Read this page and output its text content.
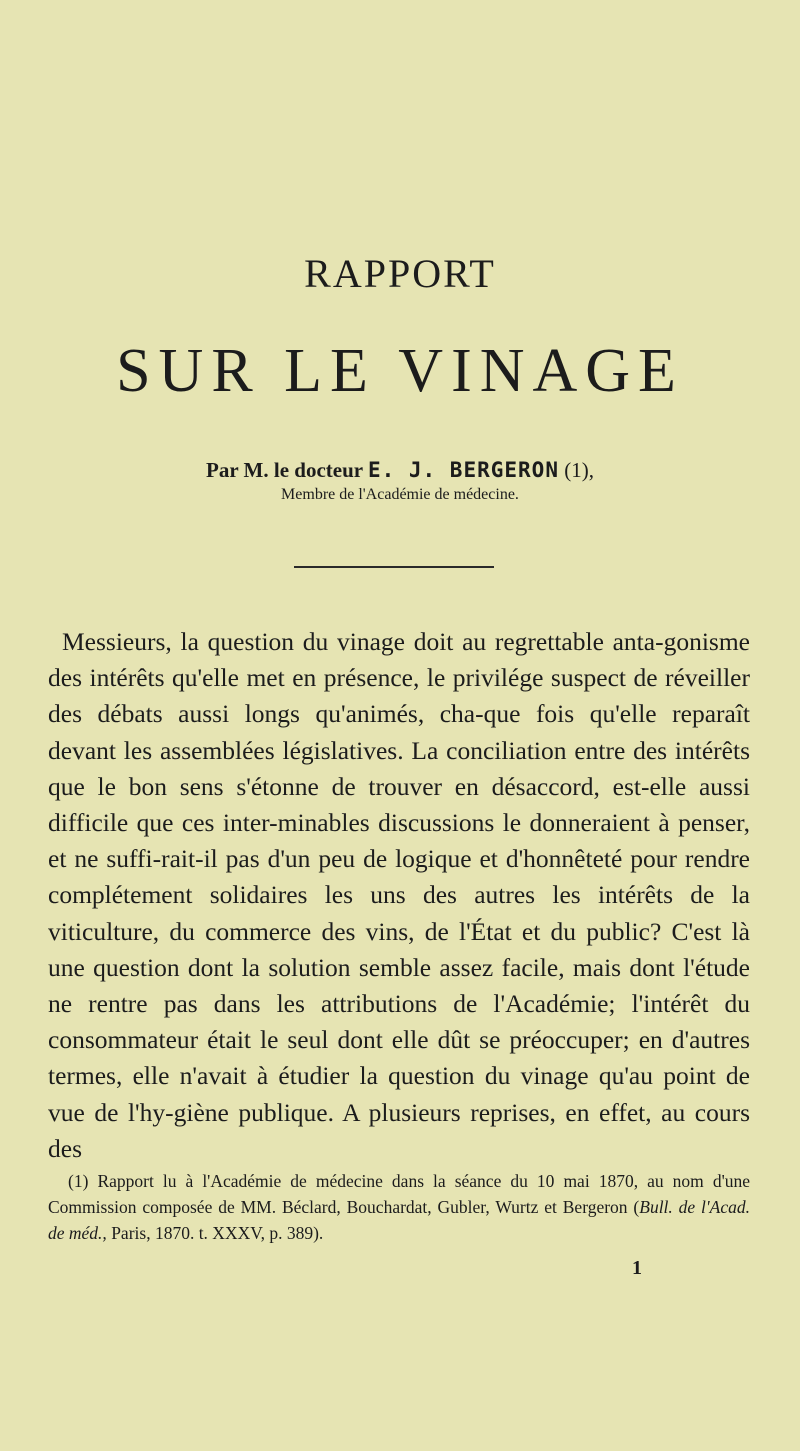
RAPPORT
SUR LE VINAGE
Par M. le docteur E. J. BERGERON (1),
Membre de l'Académie de médecine.
Messieurs, la question du vinage doit au regrettable anta-gonisme des intérêts qu'elle met en présence, le privilége suspect de réveiller des débats aussi longs qu'animés, cha-que fois qu'elle reparaît devant les assemblées législatives. La conciliation entre des intérêts que le bon sens s'étonne de trouver en désaccord, est-elle aussi difficile que ces inter-minables discussions le donneraient à penser, et ne suffi-rait-il pas d'un peu de logique et d'honnêteté pour rendre complétement solidaires les uns des autres les intérêts de la viticulture, du commerce des vins, de l'État et du public? C'est là une question dont la solution semble assez facile, mais dont l'étude ne rentre pas dans les attributions de l'Académie; l'intérêt du consommateur était le seul dont elle dût se préoccuper; en d'autres termes, elle n'avait à étudier la question du vinage qu'au point de vue de l'hy-giène publique. A plusieurs reprises, en effet, au cours des
(1) Rapport lu à l'Académie de médecine dans la séance du 10 mai 1870, au nom d'une Commission composée de MM. Béclard, Bouchardat, Gubler, Wurtz et Bergeron (Bull. de l'Acad. de méd., Paris, 1870. t. XXXV, p. 389).
1
